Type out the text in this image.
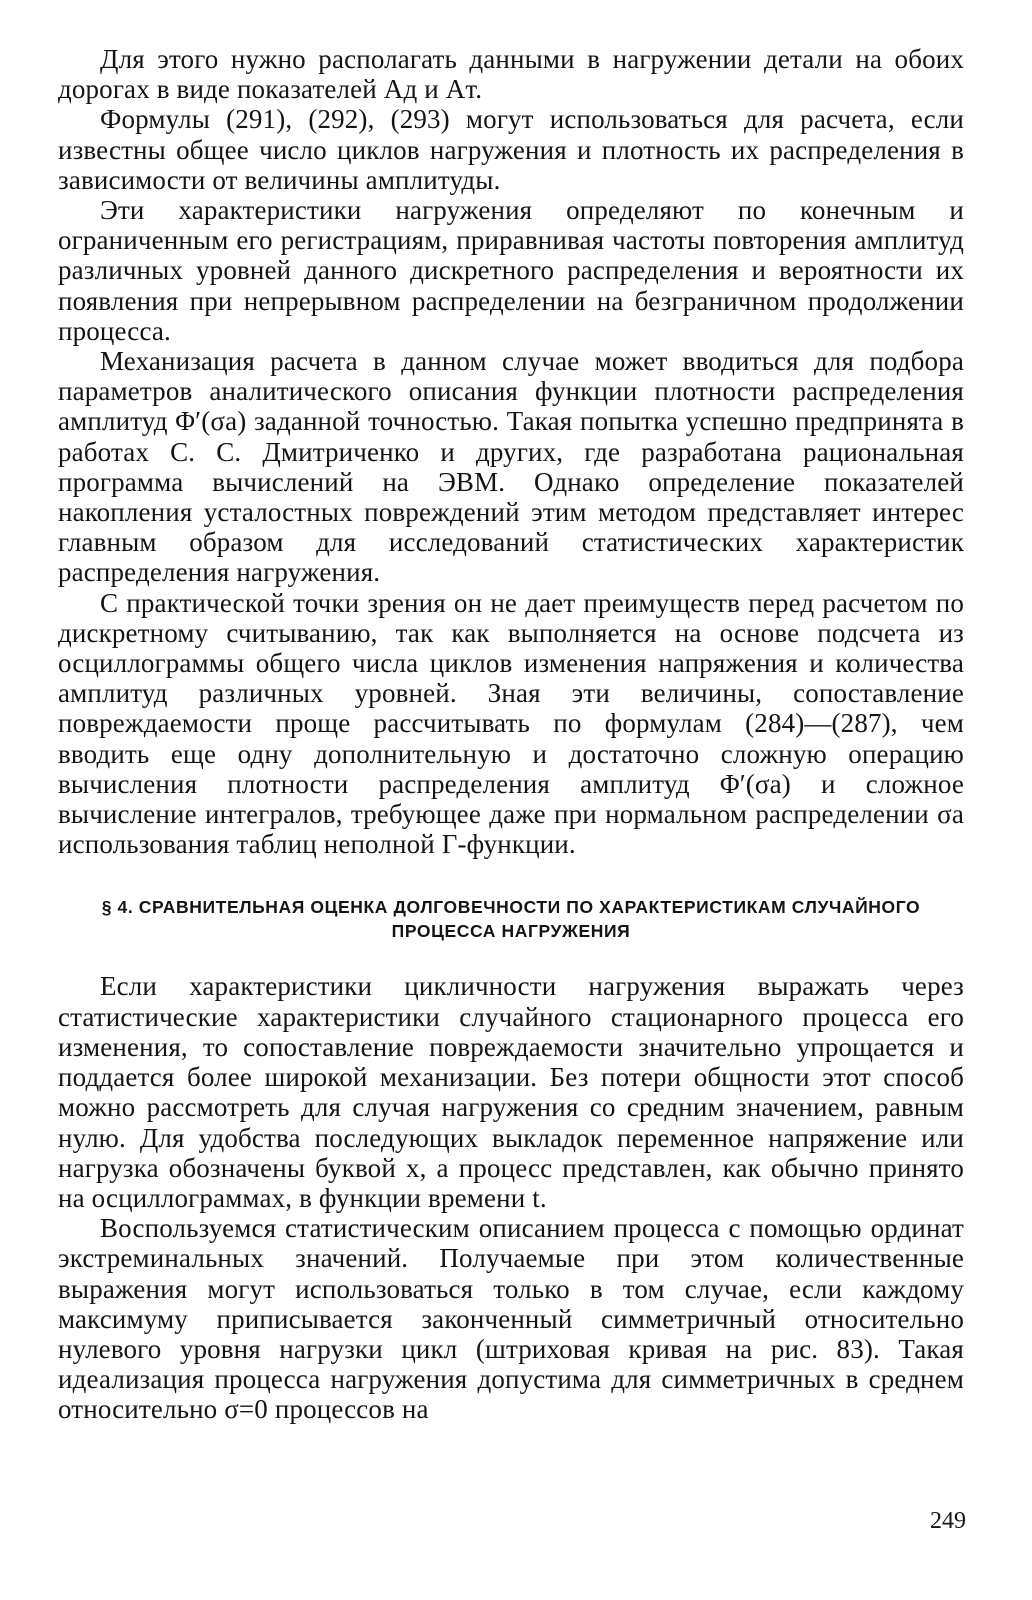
Для этого нужно располагать данными в нагружении детали на обоих дорогах в виде показателей Aд и Aт.

Формулы (291), (292), (293) могут использоваться для расчета, если известны общее число циклов нагружения и плотность их распределения в зависимости от величины амплитуды.

Эти характеристики нагружения определяют по конечным и ограниченным его регистрациям, приравнивая частоты повторения амплитуд различных уровней данного дискретного распределения и вероятности их появления при непрерывном распределении на безграничном продолжении процесса.

Механизация расчета в данном случае может вводиться для подбора параметров аналитического описания функции плотности распределения амплитуд Φ′(σa) заданной точностью. Такая попытка успешно предпринята в работах С. С. Дмитриченко и других, где разработана рациональная программа вычислений на ЭВМ. Однако определение показателей накопления усталостных повреждений этим методом представляет интерес главным образом для исследований статистических характеристик распределения нагружения.

С практической точки зрения он не дает преимуществ перед расчетом по дискретному считыванию, так как выполняется на основе подсчета из осциллограммы общего числа циклов изменения напряжения и количества амплитуд различных уровней. Зная эти величины, сопоставление повреждаемости проще рассчитывать по формулам (284)—(287), чем вводить еще одну дополнительную и достаточно сложную операцию вычисления плотности распределения амплитуд Φ′(σa) и сложное вычисление интегралов, требующее даже при нормальном распределении σa использования таблиц неполной Γ-функции.

§ 4. СРАВНИТЕЛЬНАЯ ОЦЕНКА ДОЛГОВЕЧНОСТИ ПО ХАРАКТЕРИСТИКАМ СЛУЧАЙНОГО
ПРОЦЕССА НАГРУЖЕНИЯ

Если характеристики цикличности нагружения выражать через статистические характеристики случайного стационарного процесса его изменения, то сопоставление повреждаемости значительно упрощается и поддается более широкой механизации. Без потери общности этот способ можно рассмотреть для случая нагружения со средним значением, равным нулю. Для удобства последующих выкладок переменное напряжение или нагрузка обозначены буквой x, а процесс представлен, как обычно принято на осциллограммах, в функции времени t.

Воспользуемся статистическим описанием процесса с помощью ординат экстреминальных значений. Получаемые при этом количественные выражения могут использоваться только в том случае, если каждому максимуму приписывается законченный симметричный относительно нулевого уровня нагрузки цикл (штриховая кривая на рис. 83). Такая идеализация процесса нагружения допустима для симметричных в среднем относительно σ=0 процессов на

249
